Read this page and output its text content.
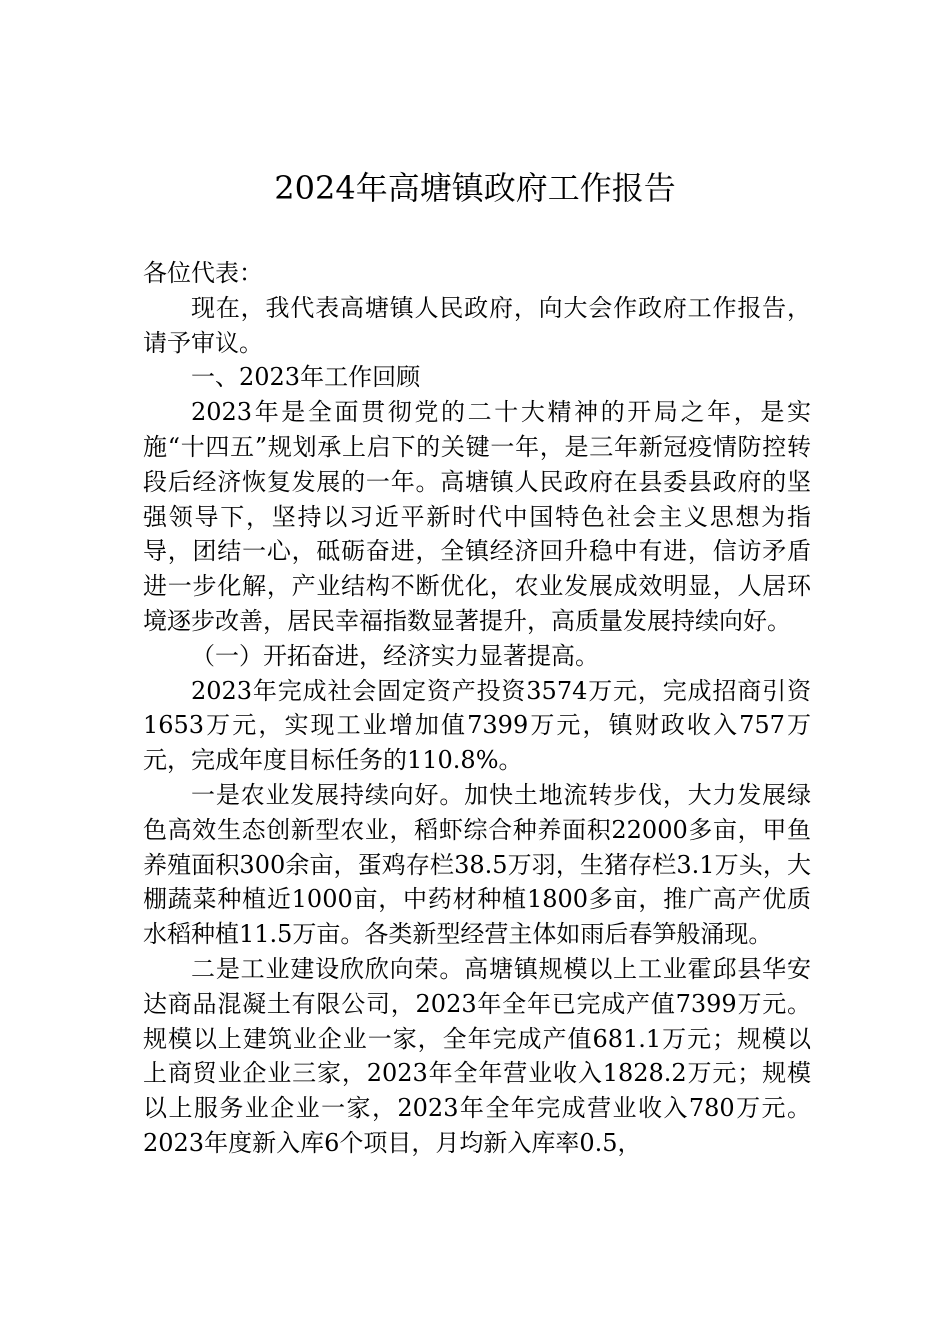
2024年高塘镇政府工作报告

各位代表：

现在，我代表高塘镇人民政府，向大会作政府工作报告，请予审议。

一、2023年工作回顾

2023年是全面贯彻党的二十大精神的开局之年，是实施“十四五”规划承上启下的关键一年，是三年新冠疫情防控转段后经济恢复发展的一年。高塘镇人民政府在县委县政府的坚强领导下，坚持以习近平新时代中国特色社会主义思想为指导，团结一心，砥砺奋进，全镇经济回升稳中有进，信访矛盾进一步化解，产业结构不断优化，农业发展成效明显，人居环境逐步改善，居民幸福指数显著提升，高质量发展持续向好。

（一）开拓奋进，经济实力显著提高。

2023年完成社会固定资产投资3574万元，完成招商引资1653万元，实现工业增加值7399万元，镇财政收入757万元，完成年度目标任务的110.8%。

一是农业发展持续向好。加快土地流转步伐，大力发展绿色高效生态创新型农业，稻虾综合种养面积22000多亩，甲鱼养殖面积300余亩，蛋鸡存栏38.5万羽，生猪存栏3.1万头，大棚蔬菜种植近1000亩，中药材种植1800多亩，推广高产优质水稻种植11.5万亩。各类新型经营主体如雨后春笋般涌现。

二是工业建设欣欣向荣。高塘镇规模以上工业霍邱县华安达商品混凝土有限公司，2023年全年已完成产值7399万元。规模以上建筑业企业一家，全年完成产值681.1万元；规模以上商贸业企业三家，2023年全年营业收入1828.2万元；规模以上服务业企业一家，2023年全年完成营业收入780万元。2023年度新入库6个项目，月均新入库率0.5，
